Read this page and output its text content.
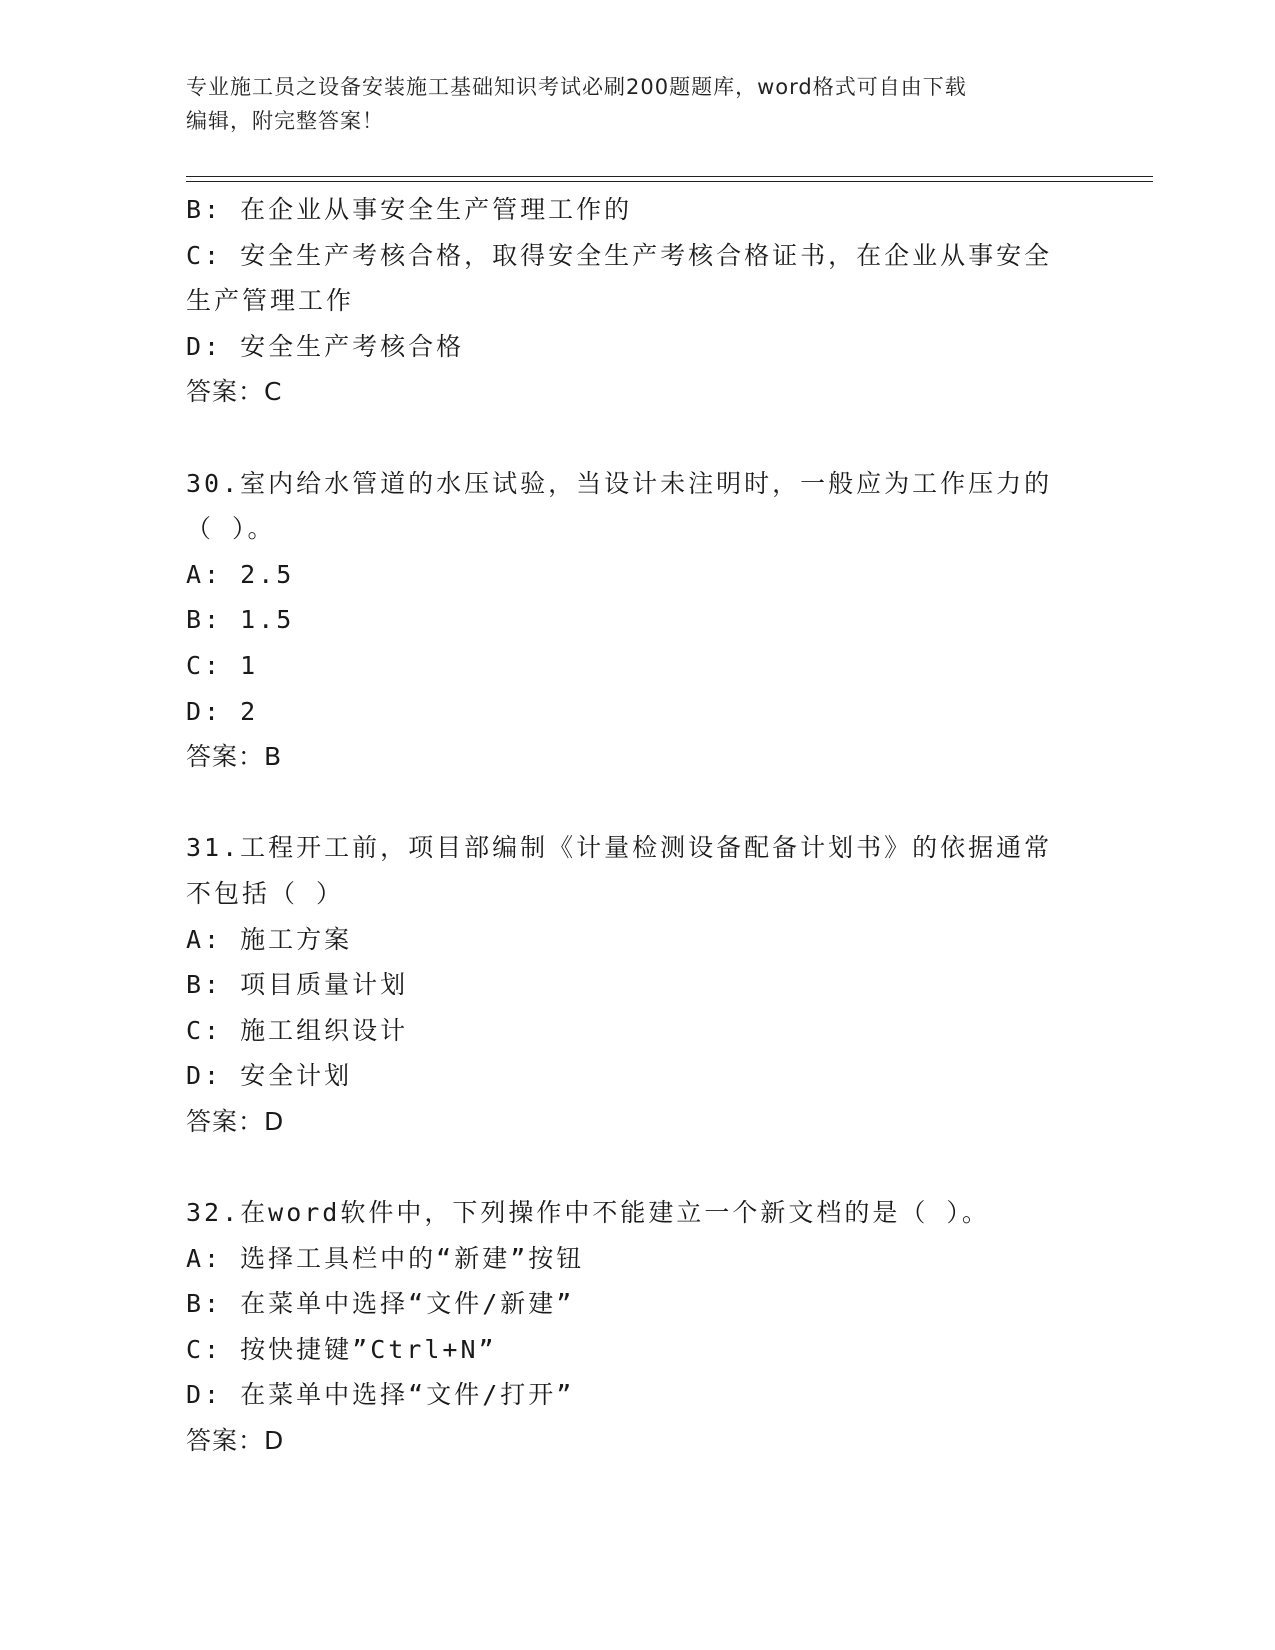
专业施工员之设备安装施工基础知识考试必刷200题题库，word格式可自由下载
编辑，附完整答案！
B: 在企业从事安全生产管理工作的
C: 安全生产考核合格，取得安全生产考核合格证书，在企业从事安全
生产管理工作
D: 安全生产考核合格
答案：C
30.室内给水管道的水压试验，当设计未注明时，一般应为工作压力的
（ ）。
A: 2.5
B: 1.5
C: 1
D: 2
答案：B
31.工程开工前，项目部编制《计量检测设备配备计划书》的依据通常
不包括（ ）
A: 施工方案
B: 项目质量计划
C: 施工组织设计
D: 安全计划
答案：D
32.在word软件中，下列操作中不能建立一个新文档的是（ ）。
A: 选择工具栏中的“新建”按钮
B: 在菜单中选择“文件/新建”
C: 按快捷键”Ctrl+N”
D: 在菜单中选择“文件/打开”
答案：D
